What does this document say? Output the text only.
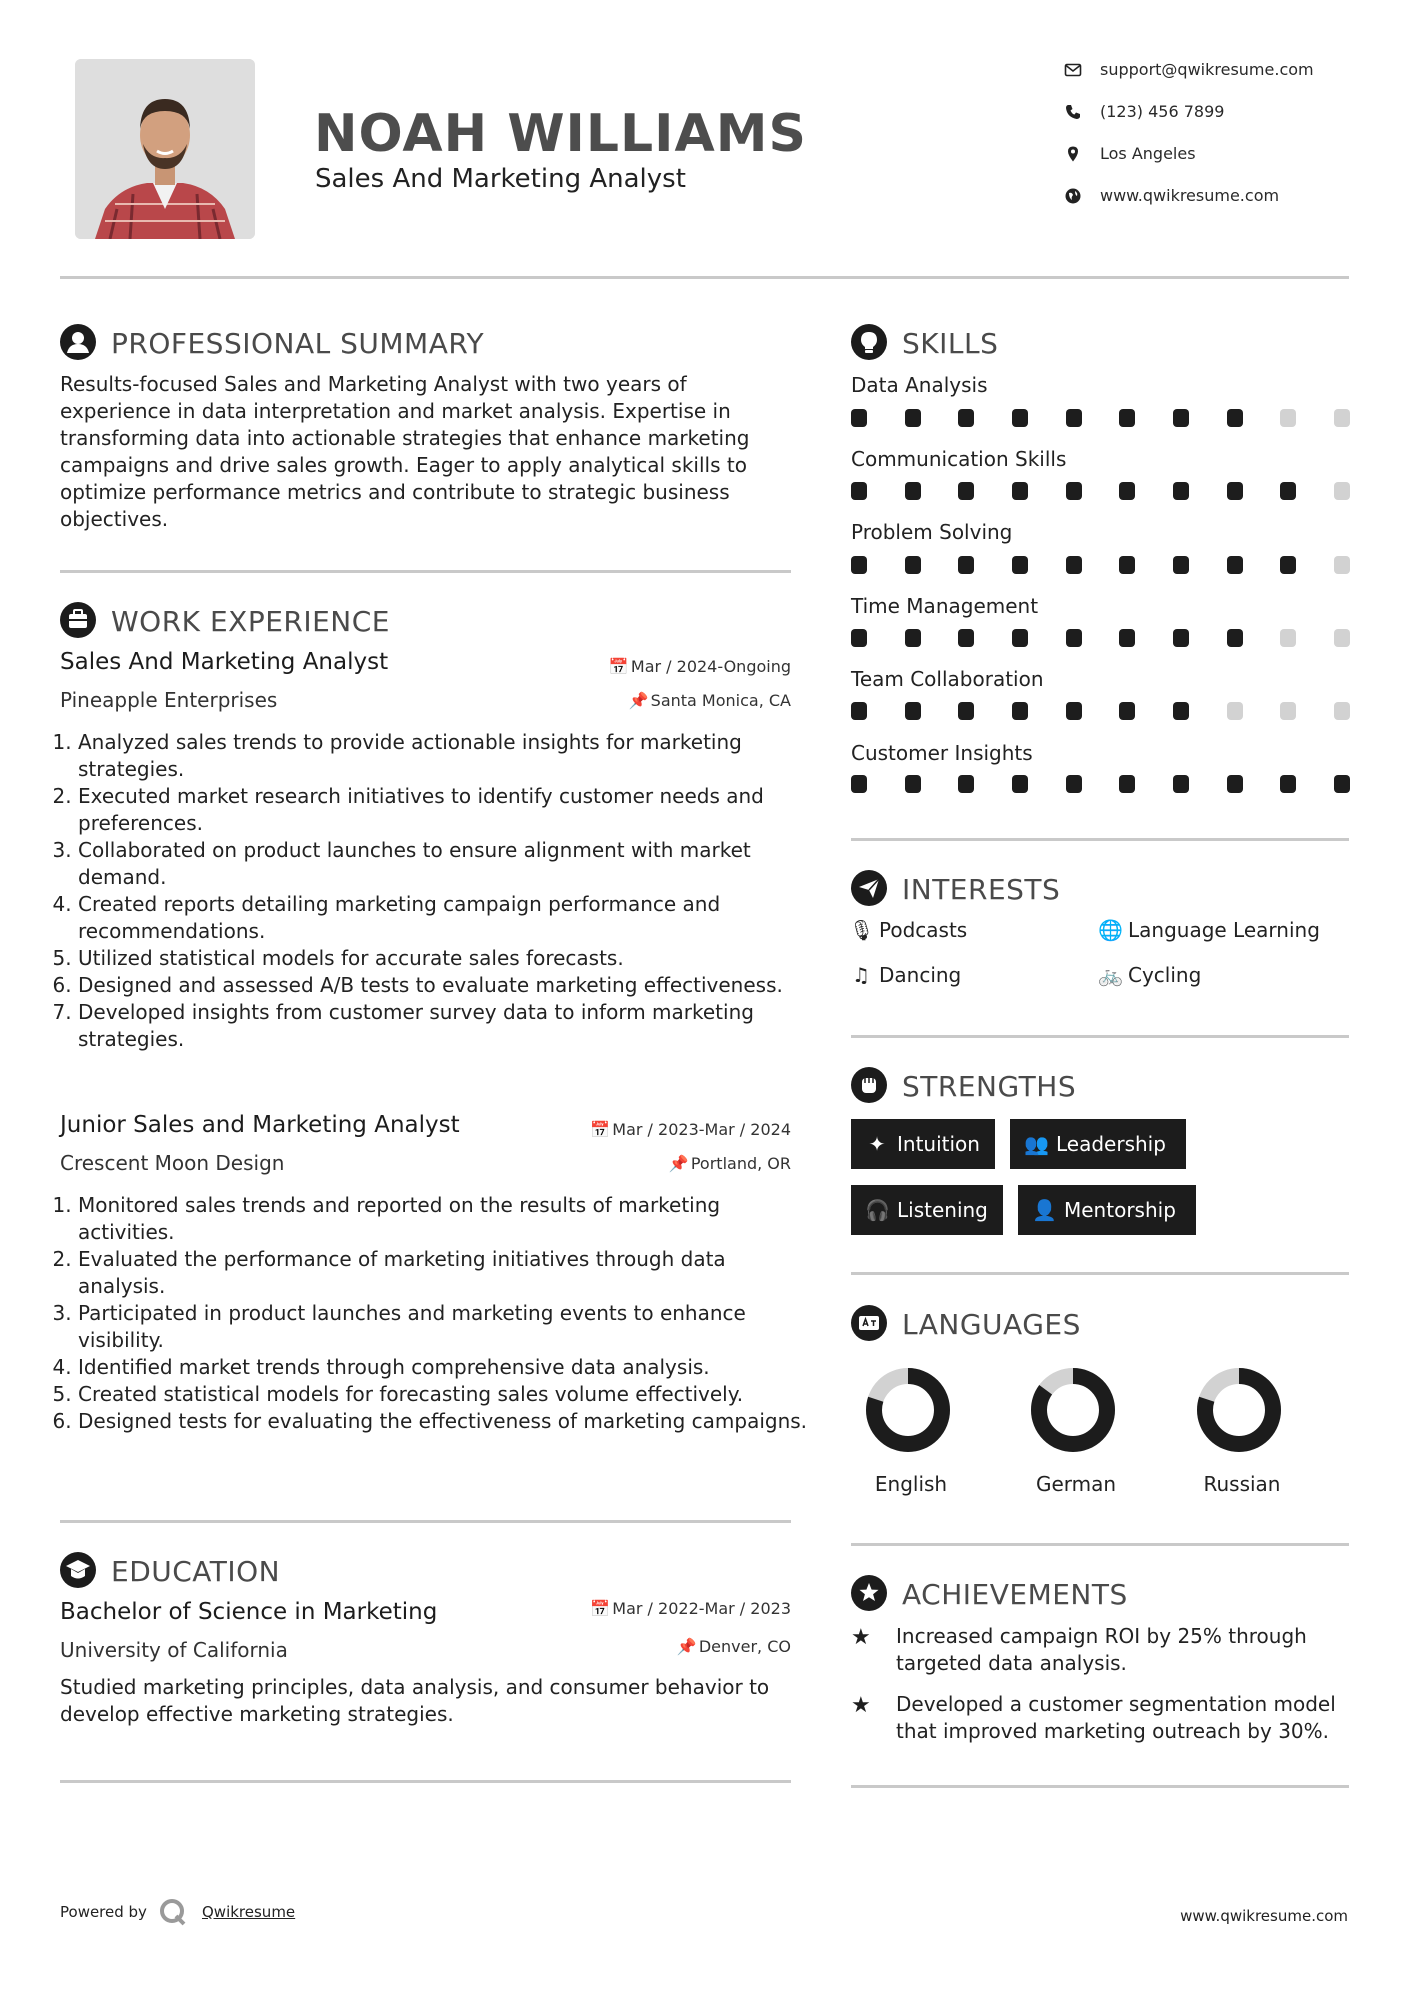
NOAH WILLIAMS
Sales And Marketing Analyst
support@qwikresume.com
(123) 456 7899
Los Angeles
www.qwikresume.com
PROFESSIONAL SUMMARY
Results-focused Sales and Marketing Analyst with two years of
experience in data interpretation and market analysis. Expertise in
transforming data into actionable strategies that enhance marketing
campaigns and drive sales growth. Eager to apply analytical skills to
optimize performance metrics and contribute to strategic business
objectives.
WORK EXPERIENCE
Sales And Marketing Analyst	📅 Mar / 2024-Ongoing
Pineapple Enterprises	📌 Santa Monica, CA
1. Analyzed sales trends to provide actionable insights for marketing strategies.
2. Executed market research initiatives to identify customer needs and preferences.
3. Collaborated on product launches to ensure alignment with market demand.
4. Created reports detailing marketing campaign performance and recommendations.
5. Utilized statistical models for accurate sales forecasts.
6. Designed and assessed A/B tests to evaluate marketing effectiveness.
7. Developed insights from customer survey data to inform marketing strategies.
Junior Sales and Marketing Analyst	📅 Mar / 2023-Mar / 2024
Crescent Moon Design	📌 Portland, OR
1. Monitored sales trends and reported on the results of marketing activities.
2. Evaluated the performance of marketing initiatives through data analysis.
3. Participated in product launches and marketing events to enhance visibility.
4. Identified market trends through comprehensive data analysis.
5. Created statistical models for forecasting sales volume effectively.
6. Designed tests for evaluating the effectiveness of marketing campaigns.
EDUCATION
Bachelor of Science in Marketing	📅 Mar / 2022-Mar / 2023
University of California	📌 Denver, CO
Studied marketing principles, data analysis, and consumer behavior to
develop effective marketing strategies.
SKILLS
Data Analysis
Communication Skills
Problem Solving
Time Management
Team Collaboration
Customer Insights
INTERESTS
🎙 Podcasts	🌐 Language Learning
♫ Dancing	🚲 Cycling
STRENGTHS
✦ Intuition	👥 Leadership
🎧 Listening	👤 Mentorship
LANGUAGES
English	German	Russian
ACHIEVEMENTS
★	Increased campaign ROI by 25% through
targeted data analysis.
★	Developed a customer segmentation model
that improved marketing outreach by 30%.
Powered by	Qwikresume	www.qwikresume.com
